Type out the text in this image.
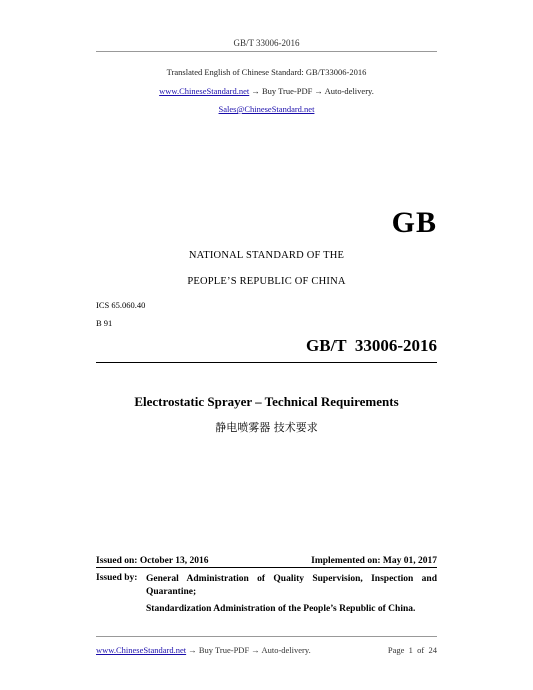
GB/T 33006-2016
Translated English of Chinese Standard: GB/T33006-2016
www.ChineseStandard.net → Buy True-PDF → Auto-delivery.
Sales@ChineseStandard.net
GB
NATIONAL STANDARD OF THE
PEOPLE’S REPUBLIC OF CHINA
ICS 65.060.40
B 91
GB/T  33006-2016
Electrostatic Sprayer – Technical Requirements
静电喷雾器 技术要求
Issued on: October 13, 2016	Implemented on: May 01, 2017
Issued by: General Administration of Quality Supervision, Inspection and Quarantine;
Standardization Administration of the People’s Republic of China.
www.ChineseStandard.net → Buy True-PDF → Auto-delivery.	Page 1 of 24
